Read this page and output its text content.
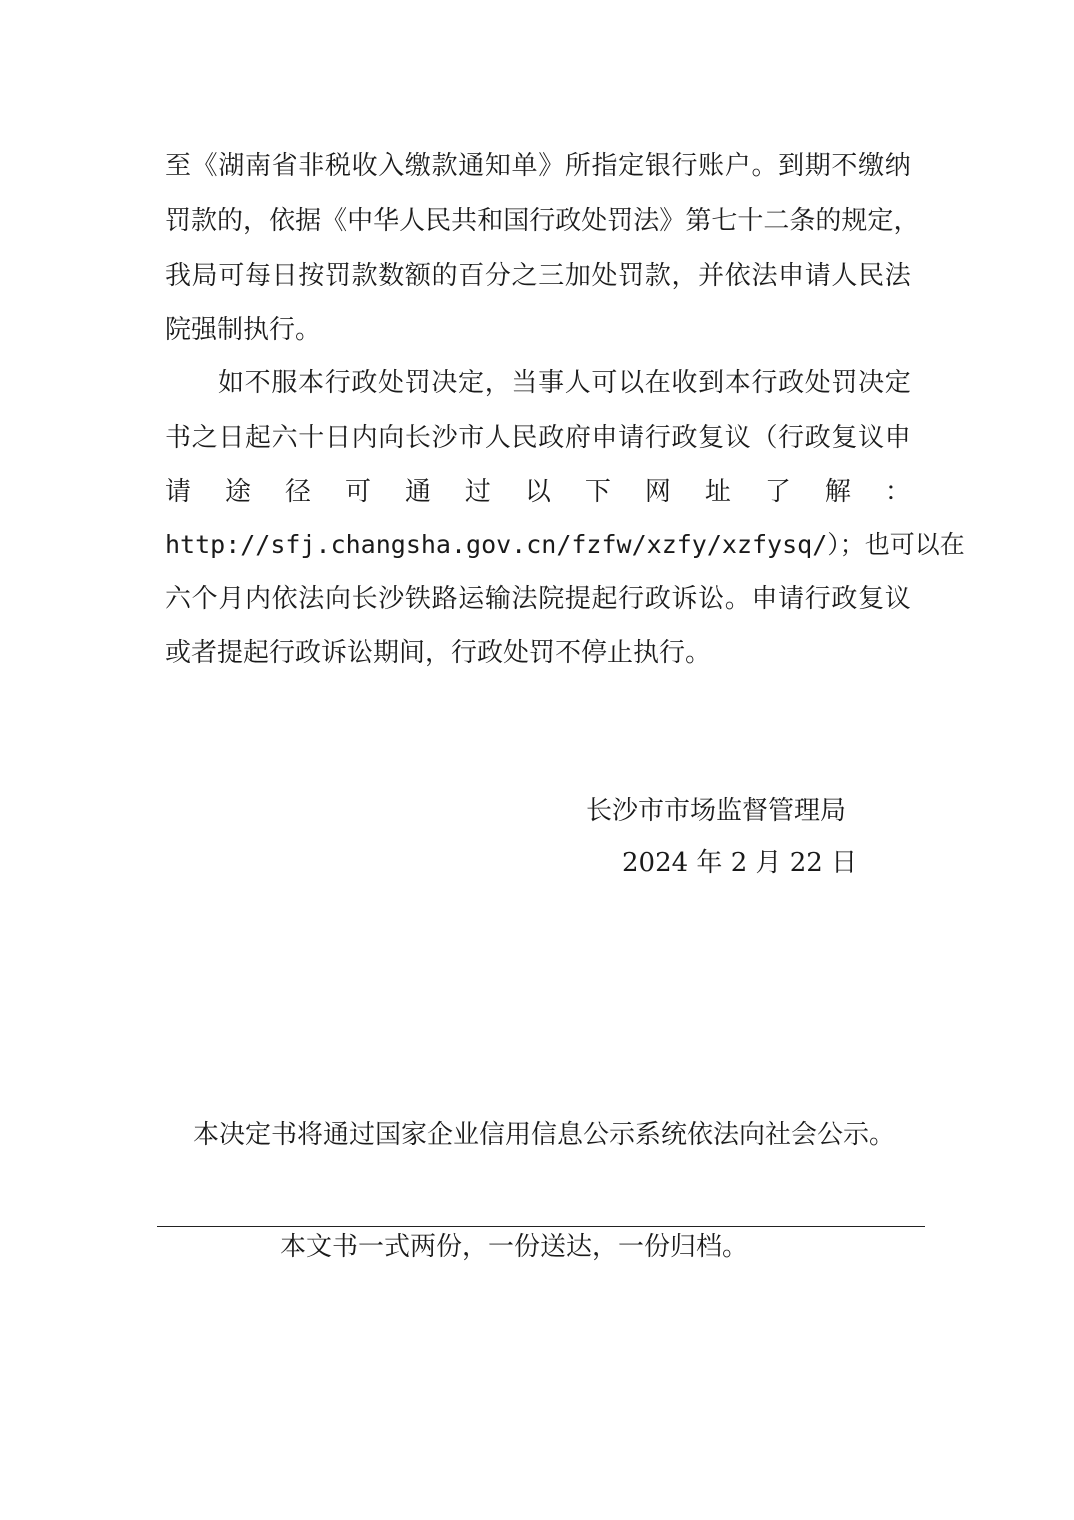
至 《 湖 南 省 非 税 收 入 缴 款 通 知 单 》 所 指 定 银 行 账 户 。 到 期 不 缴 纳
罚 款 的 ， 依 据 《 中 华 人 民 共 和 国 行 政 处 罚 法 》 第 七 十 二 条 的 规 定 ，
我 局 可 每 日 按 罚 款 数 额 的 百 分 之 三 加 处 罚 款 ， 并 依 法 申 请 人 民 法
院强制执行。
如 不 服 本 行 政 处 罚 决 定 ， 当 事 人 可 以 在 收 到 本 行 政 处 罚 决 定
书 之 日 起 六 十 日 内 向 长 沙 市 人 民 政 府 申 请 行 政 复 议 （ 行 政 复 议 申
请 途 径 可 通 过 以 下 网 址 了 解 ：
http://sfj.changsha.gov.cn/fzfw/xzfy/xzfysq/）；也可以在
六 个 月 内 依 法 向 长 沙 铁 路 运 输 法 院 提 起 行 政 诉 讼 。 申 请 行 政 复 议
或者提起行政诉讼期间，行政处罚不停止执行。
长沙市市场监督管理局
2024 年 2 月 22 日
本决定书将通过国家企业信用信息公示系统依法向社会公示。
本文书一式两份，一份送达，一份归档。
